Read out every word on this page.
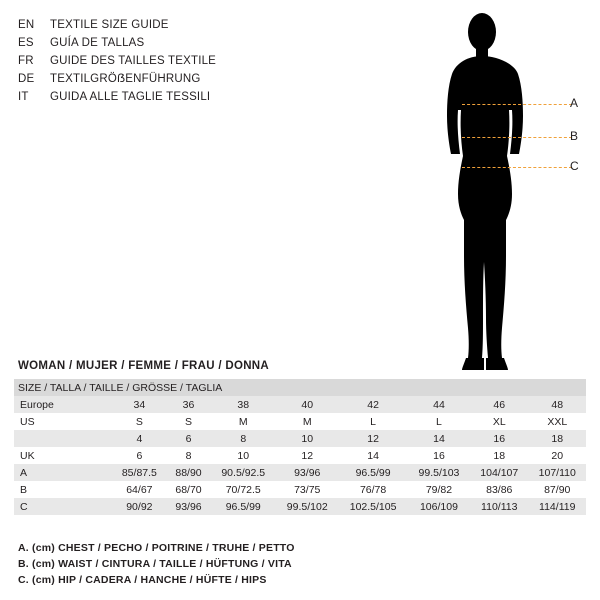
EN	TEXTILE SIZE GUIDE
ES	GUÍA DE TALLAS
FR	GUIDE DES TAILLES TEXTILE
DE	TEXTILGRÖẞENFÜHRUNG
IT	GUIDA ALLE TAGLIE TESSILI	A
B
C
WOMAN / MUJER / FEMME / FRAU / DONNA
SIZE / TALLA / TAILLE / GRÖSSE / TAGLIA								
Europe	34	36	38	40	42	44	46	48
US	S	S	M	M	L	L	XL	XXL
	4	6	8	10	12	14	16	18
UK	6	8	10	12	14	16	18	20
A	85/87.5	88/90	90.5/92.5	93/96	96.5/99	99.5/103	104/107	107/110
B	64/67	68/70	70/72.5	73/75	76/78	79/82	83/86	87/90
C	90/92	93/96	96.5/99	99.5/102	102.5/105	106/109	110/113	114/119
A. (cm) CHEST / PECHO / POITRINE / TRUHE / PETTO
B. (cm) WAIST / CINTURA / TAILLE / HÜFTUNG / VITA
C. (cm) HIP / CADERA / HANCHE / HÜFTE / HIPS
